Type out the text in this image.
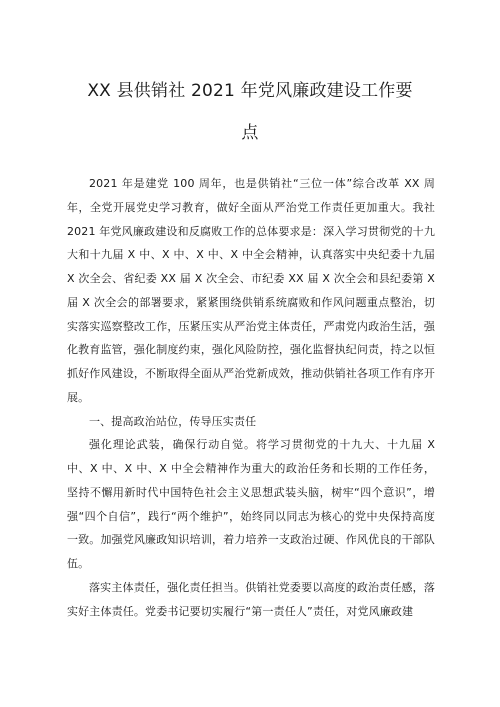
XX 县供销社 2021 年党风廉政建设工作要
点

2021 年是建党 100 周年，也是供销社“三位一体”综合改革 XX 周年，全党开展党史学习教育，做好全面从严治党工作责任更加重大。我社 2021 年党风廉政建设和反腐败工作的总体要求是：深入学习贯彻党的十九大和十九届 X 中、X 中、X 中、X 中全会精神，认真落实中央纪委十九届 X 次全会、省纪委 XX 届 X 次全会、市纪委 XX 届 X 次全会和县纪委第 X 届 X 次全会的部署要求，紧紧围绕供销系统腐败和作风问题重点整治，切实落实巡察整改工作，压紧压实从严治党主体责任，严肃党内政治生活，强化教育监管，强化制度约束，强化风险防控，强化监督执纪问责，持之以恒抓好作风建设，不断取得全面从严治党新成效，推动供销社各项工作有序开展。

一、提高政治站位，传导压实责任

强化理论武装，确保行动自觉。将学习贯彻党的十九大、十九届 X 中、X 中、X 中、X 中全会精神作为重大的政治任务和长期的工作任务，坚持不懈用新时代中国特色社会主义思想武装头脑，树牢“四个意识”，增强“四个自信”，践行“两个维护”，始终同以同志为核心的党中央保持高度一致。加强党风廉政知识培训，着力培养一支政治过硬、作风优良的干部队伍。

落实主体责任，强化责任担当。供销社党委要以高度的政治责任感，落实好主体责任。党委书记要切实履行“第一责任人”责任，对党风廉政建
